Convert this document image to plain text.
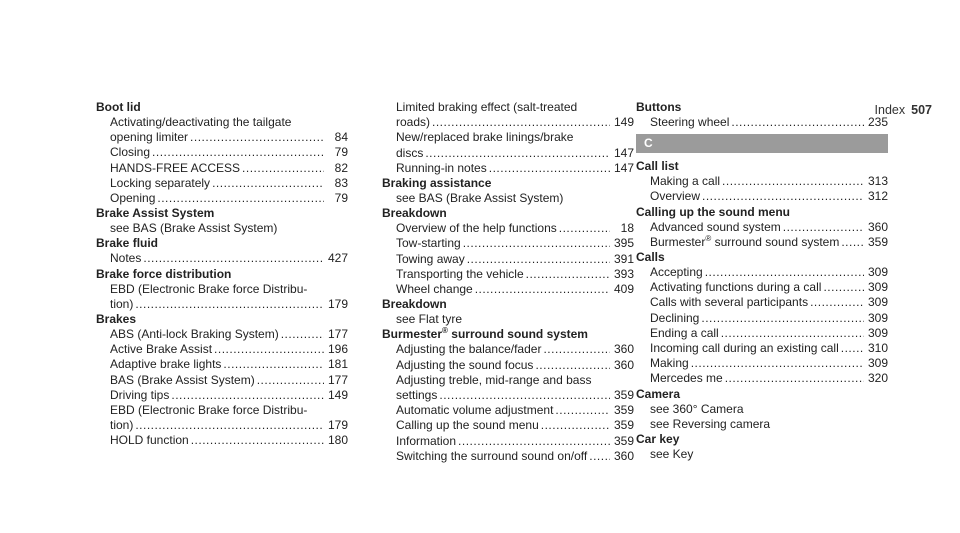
Index 507
Boot lid
Activating/deactivating the tailgate
opening limiter .....	84
Closing .....	79
HANDS-FREE ACCESS .....	82
Locking separately .....	83
Opening .....	79
Brake Assist System
see BAS (Brake Assist System)
Brake fluid
Notes .....	427
Brake force distribution
EBD (Electronic Brake force Distribu-
tion) .....	179
Brakes
ABS (Anti-lock Braking System) .....	177
Active Brake Assist .....	196
Adaptive brake lights .....	181
BAS (Brake Assist System) .....	177
Driving tips .....	149
EBD (Electronic Brake force Distribu-
tion) .....	179
HOLD function .....	180
Limited braking effect (salt-treated
roads) .....	149
New/replaced brake linings/brake
discs .....	147
Running-in notes .....	147
Braking assistance
see BAS (Brake Assist System)
Breakdown
Overview of the help functions .....	18
Tow-starting .....	395
Towing away .....	391
Transporting the vehicle .....	393
Wheel change .....	409
Breakdown
see Flat tyre
Burmester® surround sound system
Adjusting the balance/fader .....	360
Adjusting the sound focus .....	360
Adjusting treble, mid-range and bass
settings .....	359
Automatic volume adjustment .....	359
Calling up the sound menu .....	359
Information .....	359
Switching the surround sound on/off ..... 360
Buttons
Steering wheel .....	235
C
Call list
Making a call .....	313
Overview .....	312
Calling up the sound menu
Advanced sound system .....	360
Burmester® surround sound system ..... 359
Calls
Accepting .....	309
Activating functions during a call .....	309
Calls with several participants .....	309
Declining .....	309
Ending a call .....	309
Incoming call during an existing call ..... 310
Making .....	309
Mercedes me .....	320
Camera
see 360° Camera
see Reversing camera
Car key
see Key
